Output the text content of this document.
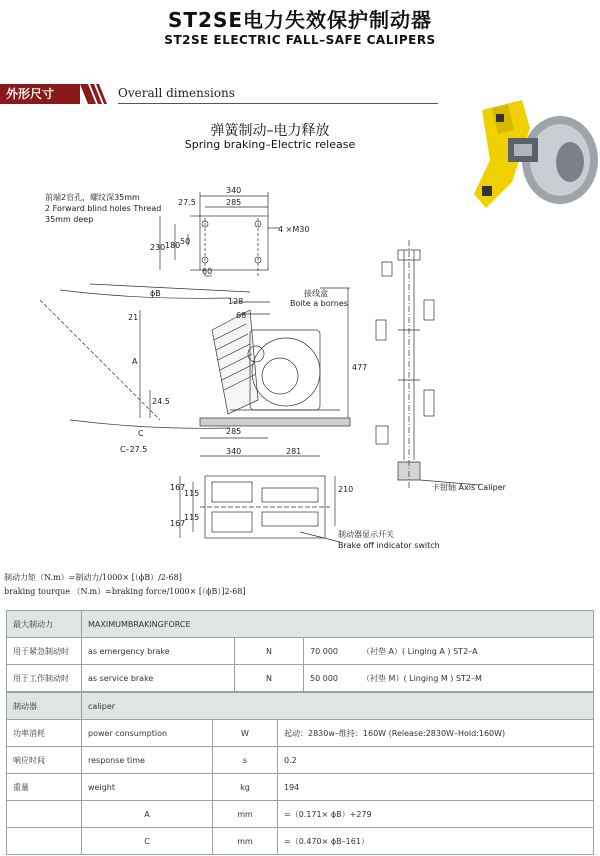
ST2SE电力失效保护制动器
ST2SE ELECTRIC FALL–SAFE CALIPERS
外形尺寸	Overall dimensions
弹簧制动–电力释放
Spring braking–Electric release
前端2盲孔，螺纹深35mm
2 Forward blind holes Thread
35mm deep
4 ×M30
接线盒
Boite a bornes
卡钳轴 Axis Caliper
制动器显示开关
Brake off indicator switch
340
27.5	285
230 180 50
60
ϕB
128
68
21
A
477
24.5
C	285
C–27.5	340	281
167
115
115
167
210
制动力矩（N.m）=制动力/1000× [（ϕB）/2-68]
braking tourque （N.m）=braking force/1000× [（ϕB）]2-68]
最大制动力	MAXIMUMBRAKINGFORCE			
用于紧急制动时	as emergency brake	N	70 000	（衬垫 A）( Linging A ) ST2–A
用于工作制动时	as service brake	N	50 000	（衬垫 M）( Linging M ) ST2–M
制动器	caliper		
功率消耗	power consumption	W	起动：2830w–维持：160W (Release:2830W–Hold:160W)
响应时间	response time	s	0.2
重量	weight	kg	194
	A	mm	=（0.171× ϕB）+279
	C	mm	=（0.470× ϕB–161）
